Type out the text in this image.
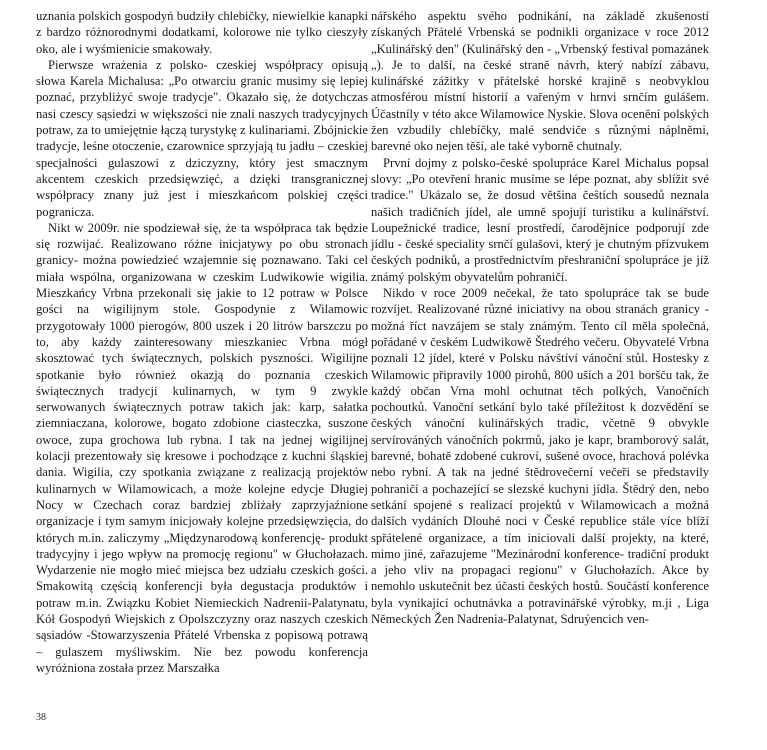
uznania polskich gospodyń budziły chlebičky, niewielkie kanapki z bardzo różnorodnymi dodatkami, kolorowe nie tylko cieszyły oko, ale i wyśmienicie smakowały.

Pierwsze wrażenia z polsko- czeskiej współpracy opisują słowa Karela Michalusa: „Po otwarciu granic musimy się lepiej poznać, przybliżyć swoje tradycje". Okazało się, że dotychczas nasi czescy sąsiedzi w większości nie znali naszych tradycyjnych potraw, za to umiejętnie łączą turystykę z kulinariami. Zbójnickie tradycje, leśne otoczenie, czarownice sprzyjają tu jadłu – czeskiej specjalności gulaszowi z dziczyzny, który jest smacznym akcentem czeskich przedsięwzięć, a dzięki transgranicznej współpracy znany już jest i mieszkańcom polskiej części pogranicza.

Nikt w 2009r. nie spodziewał się, że ta współpraca tak będzie się rozwijać. Realizowano różne inicjatywy po obu stronach granicy- można powiedzieć wzajemnie się poznawano. Taki cel miała wspólna, organizowana w czeskim Ludwikowie wigilia. Mieszkańcy Vrbna przekonali się jakie to 12 potraw w Polsce gości na wigilijnym stole. Gospodynie z Wilamowic przygotowały 1000 pierogów, 800 uszek i 20 litrów barszczu po to, aby każdy zainteresowany mieszkaniec Vrbna mógł skosztować tych świątecznych, polskich pyszności. Wigilijne spotkanie było również okazją do poznania czeskich świątecznych tradycji kulinarnych, w tym 9 zwykle serwowanych świątecznych potraw takich jak: karp, sałatka ziemniaczana, kolorowe, bogato zdobione ciasteczka, suszone owoce, zupa grochowa lub rybna. I tak na jednej wigilijnej kolacji prezentowały się kresowe i pochodzące z kuchni śląskiej dania. Wigilia, czy spotkania związane z realizacją projektów kulinarnych w Wilamowicach, a może kolejne edycje Długiej Nocy w Czechach coraz bardziej zbliżały zaprzyjaźnione organizacje i tym samym inicjowały kolejne przedsięwzięcia, do których m.in. zaliczymy „Międzynarodową konferencję- produkt tradycyjny i jego wpływ na promocję regionu" w Głuchołazach. Wydarzenie nie mogło mieć miejsca bez udziału czeskich gości. Smakowitą częścią konferencji była degustacja produktów i potraw m.in. Związku Kobiet Niemieckich Nadrenii-Palatynatu, Kół Gospodyń Wiejskich z Opolszczyzny oraz naszych czeskich sąsiadów -Stowarzyszenia Přátelé Vrbenska z popisową potrawą – gulaszem myśliwskim. Nie bez powodu konferencja wyróżniona została przez Marszałka

nářského aspektu svého podnikání, na základě zkušeností získaných Přátelé Vrbenská se podnikli organizace v roce 2012 „Kulinářský den" (Kulinářský den - „Vrbenský festival pomazánek „). Je to další, na české straně návrh, který nabízí zábavu, kulinářské zážitky v přátelské horské krajině s neobvyklou atmosférou místní historií a vařeným v hrnvi srnčím gulášem. Účastníly v této akce Wilamowice Nyskie. Slova ocenění polských žen vzbudily chlebíčky, malé sendviče s různými náplněmi, barevné oko nejen těší, ale také vyborně chutnaly.

První dojmy z polsko-české spolupráce Karel Michalus popsal slovy: „Po otevření hranic musíme se lépe poznat, aby sblížit své tradice." Ukázalo se, že dosud většina čeŝtích sousedů neznala našich tradičních jídel, ale umně spojují turistiku a kulinářství. Loupežnické tradice, lesní prostředí, čarodějnice podporují zde jídlu - české speciality srnčí gulašovi, který je chutným přízvukem českých podniků, a prostřednictvím přeshraniční spoluprácе je již známý polským obyvatelům pohraničí.

Nikdo v roce 2009 nečekal, že tato spolupráce tak se bude rozvíjet. Realizované různé iniciativy na obou stranách granicy -možná říct navzájem se staly známým. Tento cíl měla společná, pořádané v českém Ludwikowě Štedrého večeru. Obyvatelé Vrbna poznali 12 jídel, které v Polsku návštíví vánoční stůl. Hostesky z Wilamowic připravily 1000 pirohů, 800 uších a 201 boršču tak, že každý občan Vrna mohl ochutnat těch polkých, Vanočních pochoutků. Vanoční setkání bylo také příležitost k dozvědění se českých vánoční kulinářských tradic, včetně 9 obvykle servírováných vánočních pokrmů, jako je kapr, bramborový salát, barevné, bohatě zdobené cukroví, sušené ovoce, hrachová polévka nebo rybní. A tak na jedné štědrovečerní večeři se představily pohraničí a pochazející se slezské kuchyni jídla. Štědrý den, nebo setkání spojené s realizací projektů v Wilamowicach a možná dalších vydáních Dlouhé noci v České republice stále více blíží spřátelené organizace, a tím iniciovali další projekty, na které, mimo jiné, zařazujeme "Mezinárodní konference- tradiční produkt a jeho vliv na propagaci regionu" v Gluchołazích. Akce by nemohlo uskutečnit bez účasti českých hostů. Součástí konference byla vynikající ochutnávka a potravinářské výrobky, m.ji , Liga Německých Žen Nadrenia-Palatynat, Sdruýencich ven-

38
